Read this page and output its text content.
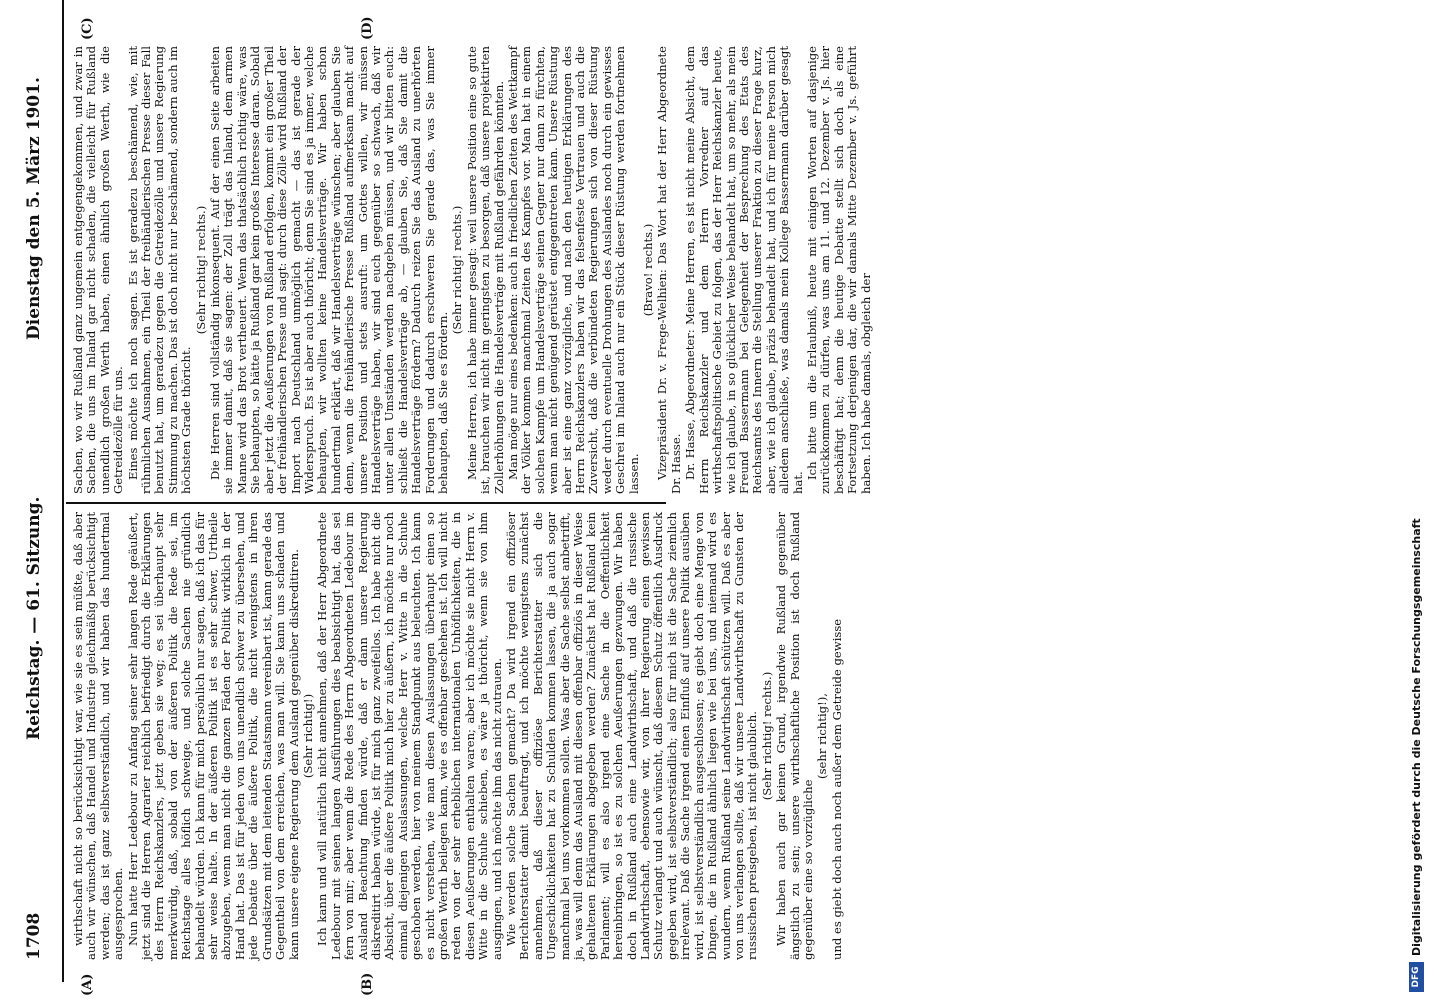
1708
Reichstag. — 61. Sitzung.
Dienstag den 5. März 1901.
(A)	(B)
(C)	(D)

wirthschaft nicht so berücksichtigt war, wie sie es sein müßte, daß aber auch wir wünschen, daß Handel und Industrie gleichmäßig berücksichtigt werden; das ist ganz selbstverständlich, und wir haben das hundertmal ausgesprochen. Nun hatte Herr Ledebour zu Anfang seiner sehr langen Rede geäußert, jetzt sind die Herren Agrarier reichlich befriedigt durch die Erklärungen des Herrn Reichskanzlers, jetzt geben sie weg; es sei überhaupt sehr merkwürdig, daß, sobald von der äußeren Politik die Rede sei, im Reichstage alles höflich schweige, und solche Sachen nie gründlich behandelt würden. Ich kann für mich persönlich nur sagen, daß ich das für sehr weise halte. In der äußeren Politik ist es sehr schwer, Urtheile abzugeben, wenn man nicht die ganzen Fäden der Politik wirklich in der Hand hat. Das ist für jeden von uns unendlich schwer zu übersehen, und jede Debatte über die äußere Politik, die nicht wenigstens in ihren Grundsätzen mit dem leitenden Staatsmann vereinbart ist, kann gerade das Gegentheil von dem erreichen, was man will. Sie kann uns schaden und kann unsere eigene Regierung dem Ausland gegenüber diskreditiren. (Sehr richtig!) Ich kann und will natürlich nicht annehmen, daß der Herr Abgeordnete Ledebour mit seinen langen Ausführungen dies beabsichtigt hat, das sei fern von mir; aber wenn die Rede des Herrn Abgeordneten Ledebour im Ausland Beachtung finden würde, daß er dann unsere Regierung diskreditirt haben würde, ist für mich ganz zweifellos. Ich habe nicht die Absicht, über die äußere Politik mich hier zu äußern, ich möchte nur noch einmal diejenigen Auslassungen, welche Herr v. Witte in die Schuhe geschoben werden, hier von meinem Standpunkt aus beleuchten. Ich kann es nicht verstehen, wie man diesen Auslassungen überhaupt einen so großen Werth beilegen kann, wie es offenbar geschehen ist. Ich will nicht reden von der sehr erheblichen internationalen Unhöflichkeiten, die in diesen Aeußerungen enthalten waren; aber ich möchte sie nicht Herrn v. Witte in die Schuhe schieben, es wäre ja thöricht, wenn sie von ihm ausgingen, und ich möchte ihm das nicht zutrauen. Wie werden solche Sachen gemacht? Da wird irgend ein offiziöser Berichterstatter damit beauftragt, und ich möchte wenigstens zunächst annehmen, daß dieser offiziöse Berichterstatter sich die Ungeschicklichkeiten hat zu Schulden kommen lassen, die ja auch sogar manchmal bei uns vorkommen sollen. Was aber die Sache selbst anbetrifft, ja, was will denn das Ausland mit diesen offenbar offiziös in dieser Weise gehaltenen Erklärungen abgegeben werden? Zunächst hat Rußland kein Parlament; will es also irgend eine Sache in die Oeffentlichkeit hereinbringen, so ist es zu solchen Aeußerungen gezwungen. Wir haben doch in Rußland auch eine Landwirthschaft, und daß die russische Landwirthschaft, ebensowie wir, von ihrer Regierung einen gewissen Schutz verlangt und auch wünscht, daß diesem Schutz öffentlich Ausdruck gegeben wird, ist selbstverständlich; also für mich ist die Sache ziemlich irrelevant. Daß die Sache irgend einen Einfluß auf unsere Politik ausüben wird, ist selbstverständlich ausgeschlossen; es giebt doch eine Menge von Dingen, die in Rußland ähnlich liegen wie bei uns, und niemand wird es wundern, wenn Rußland seine Landwirthschaft schützen will. Daß es aber von uns verlangen sollte, daß wir unsere Landwirthschaft zu Gunsten der russischen preisgeben, ist nicht glaublich. (Sehr richtig! rechts.) Wir haben auch gar keinen Grund, irgendwie Rußland gegenüber ängstlich zu sein; unsere wirthschaftliche Position ist doch Rußland gegenüber eine so vorzügliche

(sehr richtig!), und es giebt doch auch noch außer dem Getreide gewisse

Sachen, wo wir Rußland ganz ungemein entgegengekommen, und zwar in Sachen, die uns im Inland gar nicht schaden, die vielleicht für Rußland unendlich großen Werth haben, einen ähnlich großen Werth, wie die Getreidezölle für uns. Eines möchte ich noch sagen. Es ist geradezu beschämend, wie, mit rühmlichen Ausnahmen, ein Theil der freihändlerischen Presse dieser Fall benutzt hat, um geradezu gegen die Getreidezölle und unsere Regierung Stimmung zu machen. Das ist doch nicht nur beschämend, sondern auch im höchsten Grade thöricht.

(Sehr richtig! rechts.) Die Herren sind vollständig inkonsequent. Auf der einen Seite arbeiten sie immer damit, daß sie sagen: der Zoll trägt das Inland, dem armen Manne wird das Brot vertheuert. Wenn das thatsächlich richtig wäre, was Sie behaupten, so hätte ja Rußland gar kein großes Interesse daran. Sobald aber jetzt die Aeußerungen von Rußland erfolgen, kommt ein großer Theil der freihändlerischen Presse und sagt: durch diese Zölle wird Rußland der Import nach Deutschland unmöglich gemacht — das ist gerade der Widerspruch. Es ist aber auch thöricht; denn Sie sind es ja immer, welche behaupten, wir wollten keine Handelsverträge. Wir haben schon hundertmal erklärt, daß wir Handelsverträge wünschen; aber glauben Sie denn, wenn die freihändlerische Presse Rußland aufmerksam macht auf unsere Position und stets ausruft: um Gottes willen, wir müssen Handelsverträge haben, wir sind euch gegenüber so schwach, daß wir unter allen Umständen werden nachgeben müssen, und wir bitten euch: schließt die Handelsverträge ab, — glauben Sie, daß Sie damit die Handelsverträge fördern? Dadurch reizen Sie das Ausland zu unerhörten Forderungen und dadurch erschweren Sie gerade das, was Sie immer behaupten, daß Sie es fördern.

(Sehr richtig! rechts.) Meine Herren, ich habe immer gesagt: weil unsere Position eine so gute ist, brauchen wir nicht im geringsten zu besorgen, daß unsere projektirten Zollerhöhungen die Handelsverträge mit Rußland gefährden könnten. Man möge nur eines bedenken: auch in friedlichen Zeiten des Wettkampf der Völker kommen manchmal Zeiten des Kampfes vor. Man hat in einem solchen Kampfe um Handelsverträge seinen Gegner nur dann zu fürchten, wenn man nicht genügend gerüstet entgegentreten kann. Unsere Rüstung aber ist eine ganz vorzügliche, und nach den heutigen Erklärungen des Herrn Reichskanzlers haben wir das felsenfeste Vertrauen und auch die Zuversicht, daß die verbündeten Regierungen sich von dieser Rüstung weder durch eventuelle Drohungen des Auslandes noch durch ein gewisses Geschrei im Inland auch nur ein Stück dieser Rüstung werden fortnehmen lassen.

(Bravo! rechts.) Vizepräsident Dr. v. Frege-Welhien: Das Wort hat der Herr Abgeordnete Dr. Hasse. Dr. Hasse, Abgeordneter: Meine Herren, es ist nicht meine Absicht, dem Herrn Reichskanzler und dem Herrn Vorredner auf das wirthschaftspolitische Gebiet zu folgen, das der Herr Reichskanzler heute, wie ich glaube, in so glücklicher Weise behandelt hat, um so mehr, als mein Freund Bassermann bei Gelegenheit der Besprechung des Etats des Reichsamts des Innern die Stellung unserer Fraktion zu dieser Frage kurz, aber, wie ich glaube, präzis behandelt hat, und ich für meine Person mich alledem anschließe, was damals mein Kollege Bassermann darüber gesagt hat.

Ich bitte um die Erlaubniß, heute mit einigen Worten auf dasjenige zurückkommen zu dürfen, was uns am 11. und 12. Dezember v. Js. hier beschäftigt hat; denn die heutige Debatte stellt sich doch als eine Fortsetzung derjenigen dar, die wir damals Mitte Dezember v. Js. geführt haben. Ich habe damals, obgleich der

DFG
Digitalisierung gefördert durch die Deutsche Forschungsgemeinschaft
